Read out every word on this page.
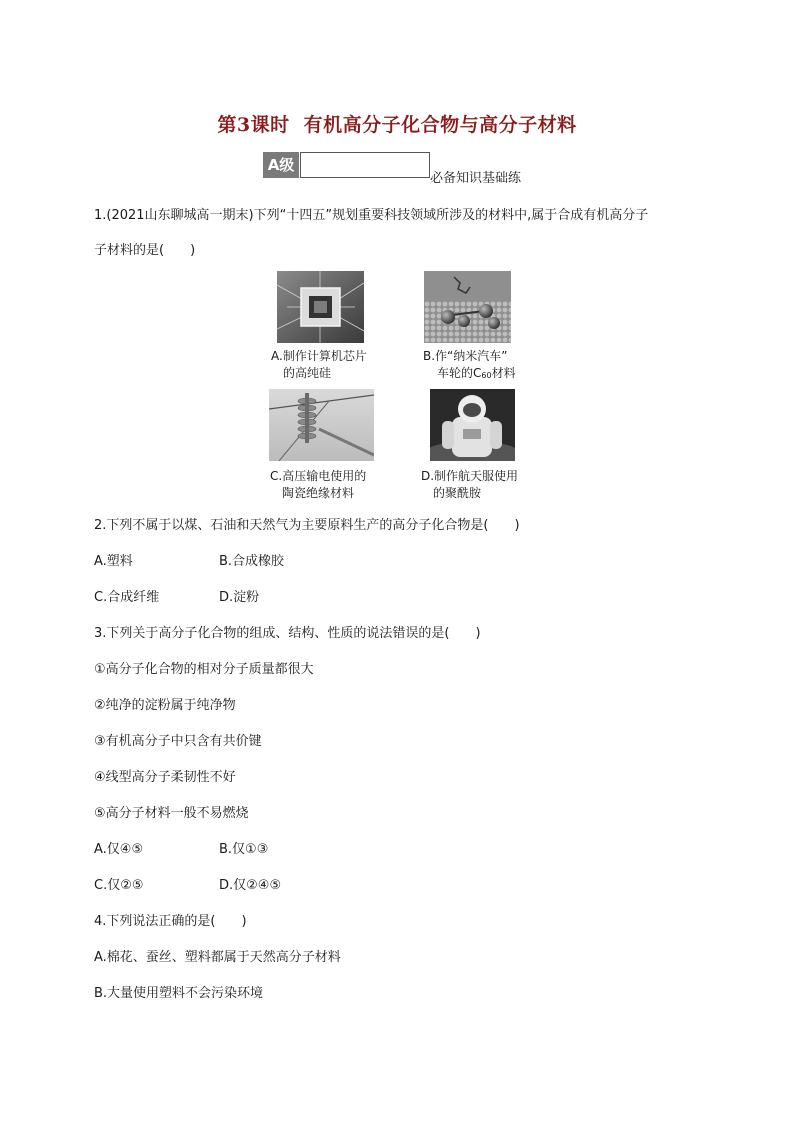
第3课时 有机高分子化合物与高分子材料
A级
必备知识基础练
1.(2021山东聊城高一期末)下列“十四五”规划重要科技领域所涉及的材料中,属于合成有机高分子
子材料的是(　　)
A.制作计算机芯片
的高纯硅
B.作“纳米汽车”
车轮的$C_{60}$材料
C.高压输电使用的
陶瓷绝缘材料
D.制作航天服使用
的聚酰胺
2.下列不属于以煤、石油和天然气为主要原料生产的高分子化合物是(　　)
A.塑料	B.合成橡胶
C.合成纤维	D.淀粉
3.下列关于高分子化合物的组成、结构、性质的说法错误的是(　　)
①高分子化合物的相对分子质量都很大
②纯净的淀粉属于纯净物
③有机高分子中只含有共价键
④线型高分子柔韧性不好
⑤高分子材料一般不易燃烧
A.仅④⑤	B.仅①③
C.仅②⑤	D.仅②④⑤
4.下列说法正确的是(　　)
A.棉花、蚕丝、塑料都属于天然高分子材料
B.大量使用塑料不会污染环境
